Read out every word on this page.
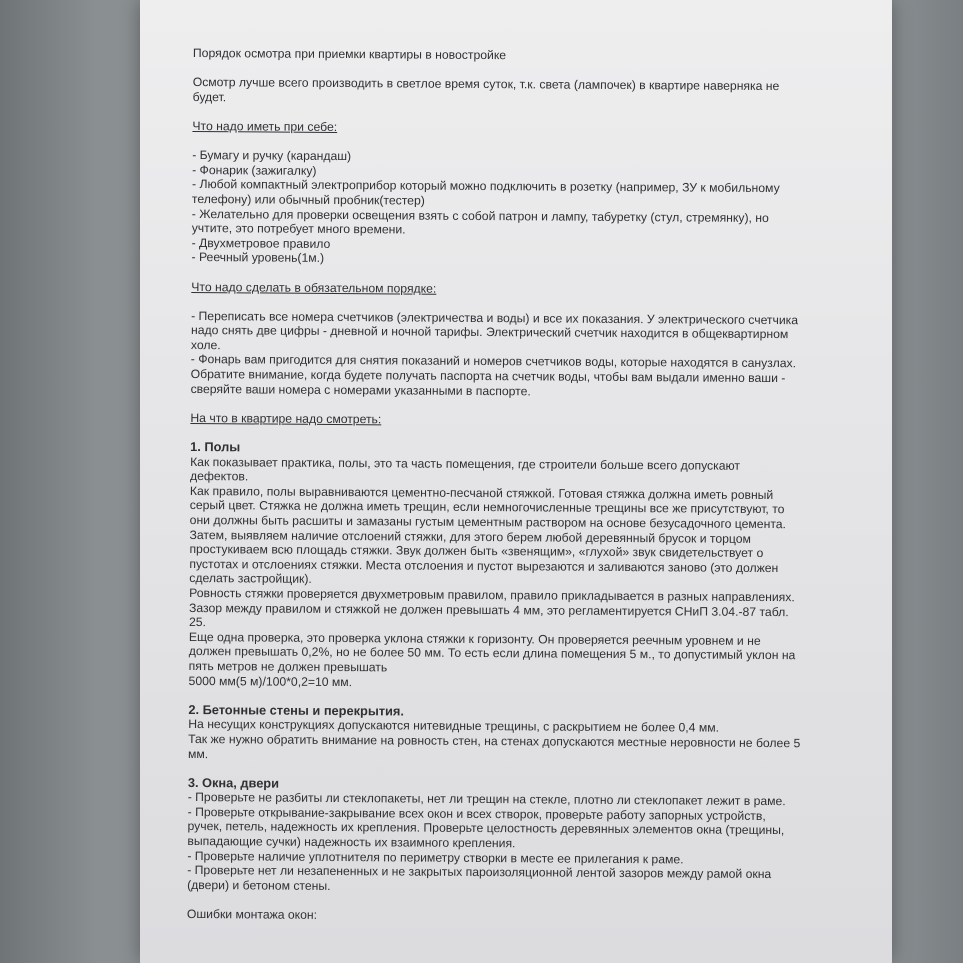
Порядок осмотра при приемки квартиры в новостройке

Осмотр лучше всего производить в светлое время суток, т.к. света (лампочек) в квартире наверняка не

будет.

Что надо иметь при себе:

- Бумагу и ручку (карандаш)

- Фонарик (зажигалку)

- Любой компактный электроприбор который можно подключить в розетку (например, ЗУ к мобильному

телефону) или обычный пробник(тестер)

- Желательно для проверки освещения взять с собой патрон и лампу, табуретку (стул, стремянку), но

учтите, это потребует много времени.

- Двухметровое правило

- Реечный уровень(1м.)

Что надо сделать в обязательном порядке:

- Переписать все номера счетчиков (электричества и воды) и все их показания. У электрического счетчика

надо снять две цифры - дневной и ночной тарифы. Электрический счетчик находится в общеквартирном

холе.

- Фонарь вам пригодится для снятия показаний и номеров счетчиков воды, которые находятся в санузлах.

Обратите внимание, когда будете получать паспорта на счетчик воды, чтобы вам выдали именно ваши -

сверяйте ваши номера с номерами указанными в паспорте.

На что в квартире надо смотреть:

1. Полы

Как показывает практика, полы, это та часть помещения, где строители больше всего допускают

дефектов.

Как правило, полы выравниваются цементно-песчаной стяжкой. Готовая стяжка должна иметь ровный

серый цвет. Стяжка не должна иметь трещин, если немногочисленные трещины все же присутствуют, то

они должны быть расшиты и замазаны густым цементным раствором на основе безусадочного цемента.

Затем, выявляем наличие отслоений стяжки, для этого берем любой деревянный брусок и торцом

простукиваем всю площадь стяжки. Звук должен быть «звенящим», «глухой» звук свидетельствует о

пустотах и отслоениях стяжки. Места отслоения и пустот вырезаются и заливаются заново (это должен

сделать застройщик).

Ровность стяжки проверяется двухметровым правилом, правило прикладывается в разных направлениях.

Зазор между правилом и стяжкой не должен превышать 4 мм, это регламентируется СНиП 3.04.-87 табл.

25.

Еще одна проверка, это проверка уклона стяжки к горизонту. Он проверяется реечным уровнем и не

должен превышать 0,2%, но не более 50 мм. То есть если длина помещения 5 м., то допустимый уклон на

пять метров не должен превышать

5000 мм(5 м)/100*0,2=10 мм.

2. Бетонные стены и перекрытия.

На несущих конструкциях допускаются нитевидные трещины, с раскрытием не более 0,4 мм.

Так же нужно обратить внимание на ровность стен, на стенах допускаются местные неровности не более 5

мм.

3. Окна, двери

- Проверьте не разбиты ли стеклопакеты, нет ли трещин на стекле, плотно ли стеклопакет лежит в раме.

- Проверьте открывание-закрывание всех окон и всех створок, проверьте работу запорных устройств,

ручек, петель, надежность их крепления. Проверьте целостность деревянных элементов окна (трещины,

выпадающие сучки) надежность их взаимного крепления.

- Проверьте наличие уплотнителя по периметру створки в месте ее прилегания к раме.

- Проверьте нет ли незапененных и не закрытых пароизоляционной лентой зазоров между рамой окна

(двери) и бетоном стены.

Ошибки монтажа окон:
